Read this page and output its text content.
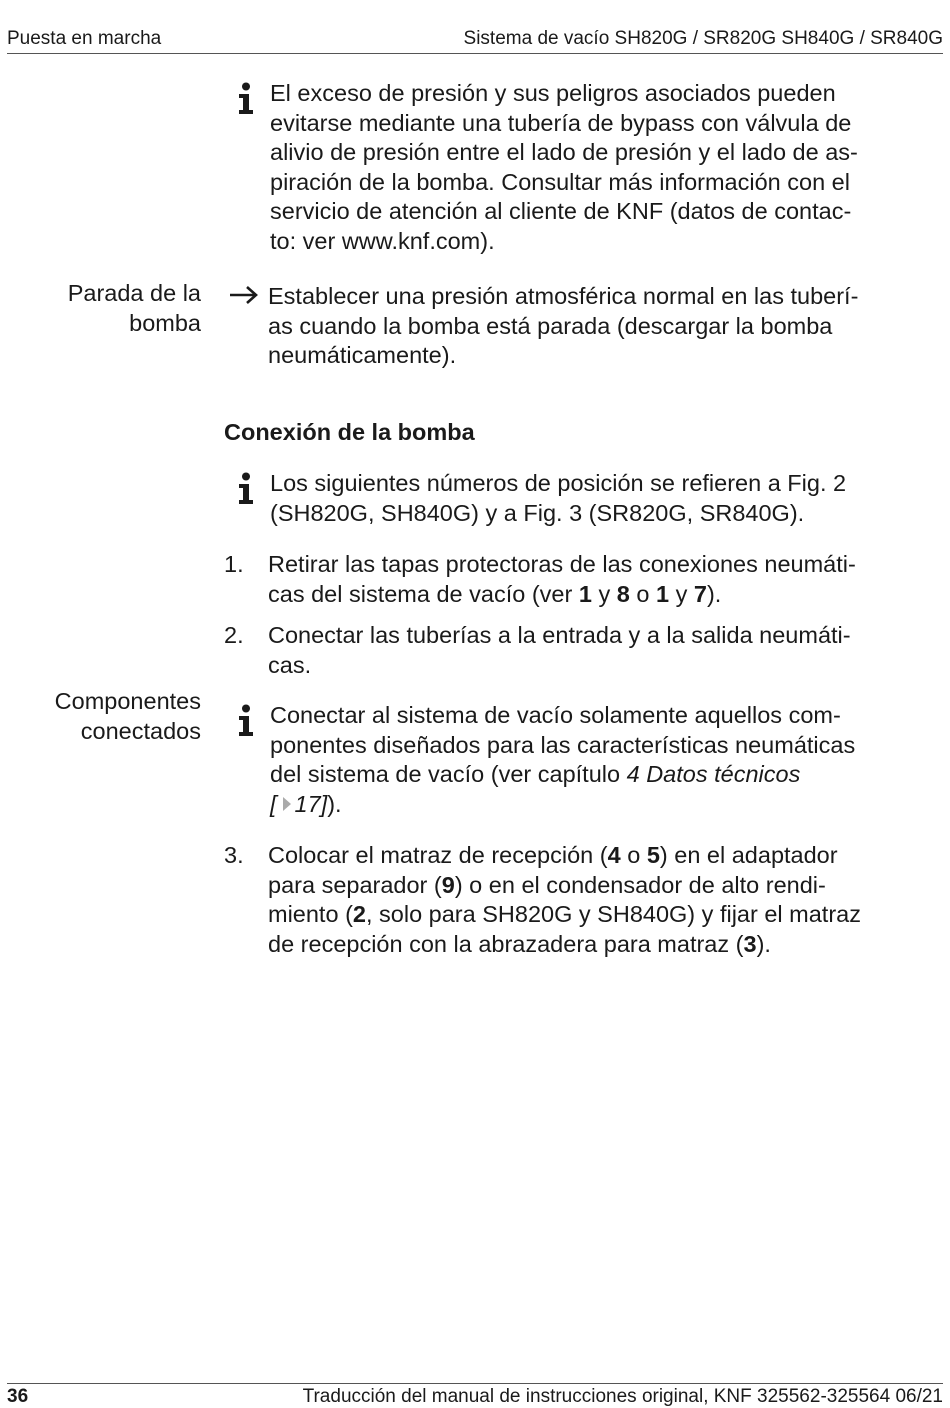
Puesta en marcha	Sistema de vacío SH820G / SR820G SH840G / SR840G
El exceso de presión y sus peligros asociados pueden
evitarse mediante una tubería de bypass con válvula de
alivio de presión entre el lado de presión y el lado de as-
piración de la bomba. Consultar más información con el
servicio de atención al cliente de KNF (datos de contac-
to: ver www.knf.com).
Parada de la
bomba
Establecer una presión atmosférica normal en las tuberí-
as cuando la bomba está parada (descargar la bomba
neumáticamente).
Conexión de la bomba
Los siguientes números de posición se refieren a Fig. 2
(SH820G, SH840G) y a Fig. 3 (SR820G, SR840G).
1.	Retirar las tapas protectoras de las conexiones neumáti-
cas del sistema de vacío (ver 1 y 8 o 1 y 7).
2.	Conectar las tuberías a la entrada y a la salida neumáti-
cas.
Componentes
conectados
Conectar al sistema de vacío solamente aquellos com-
ponentes diseñados para las características neumáticas
del sistema de vacío (ver capítulo 4 Datos técnicos
[ 17]).
3.	Colocar el matraz de recepción (4 o 5) en el adaptador
para separador (9) o en el condensador de alto rendi-
miento (2, solo para SH820G y SH840G) y fijar el matraz
de recepción con la abrazadera para matraz (3).
36	Traducción del manual de instrucciones original, KNF 325562-325564 06/21
